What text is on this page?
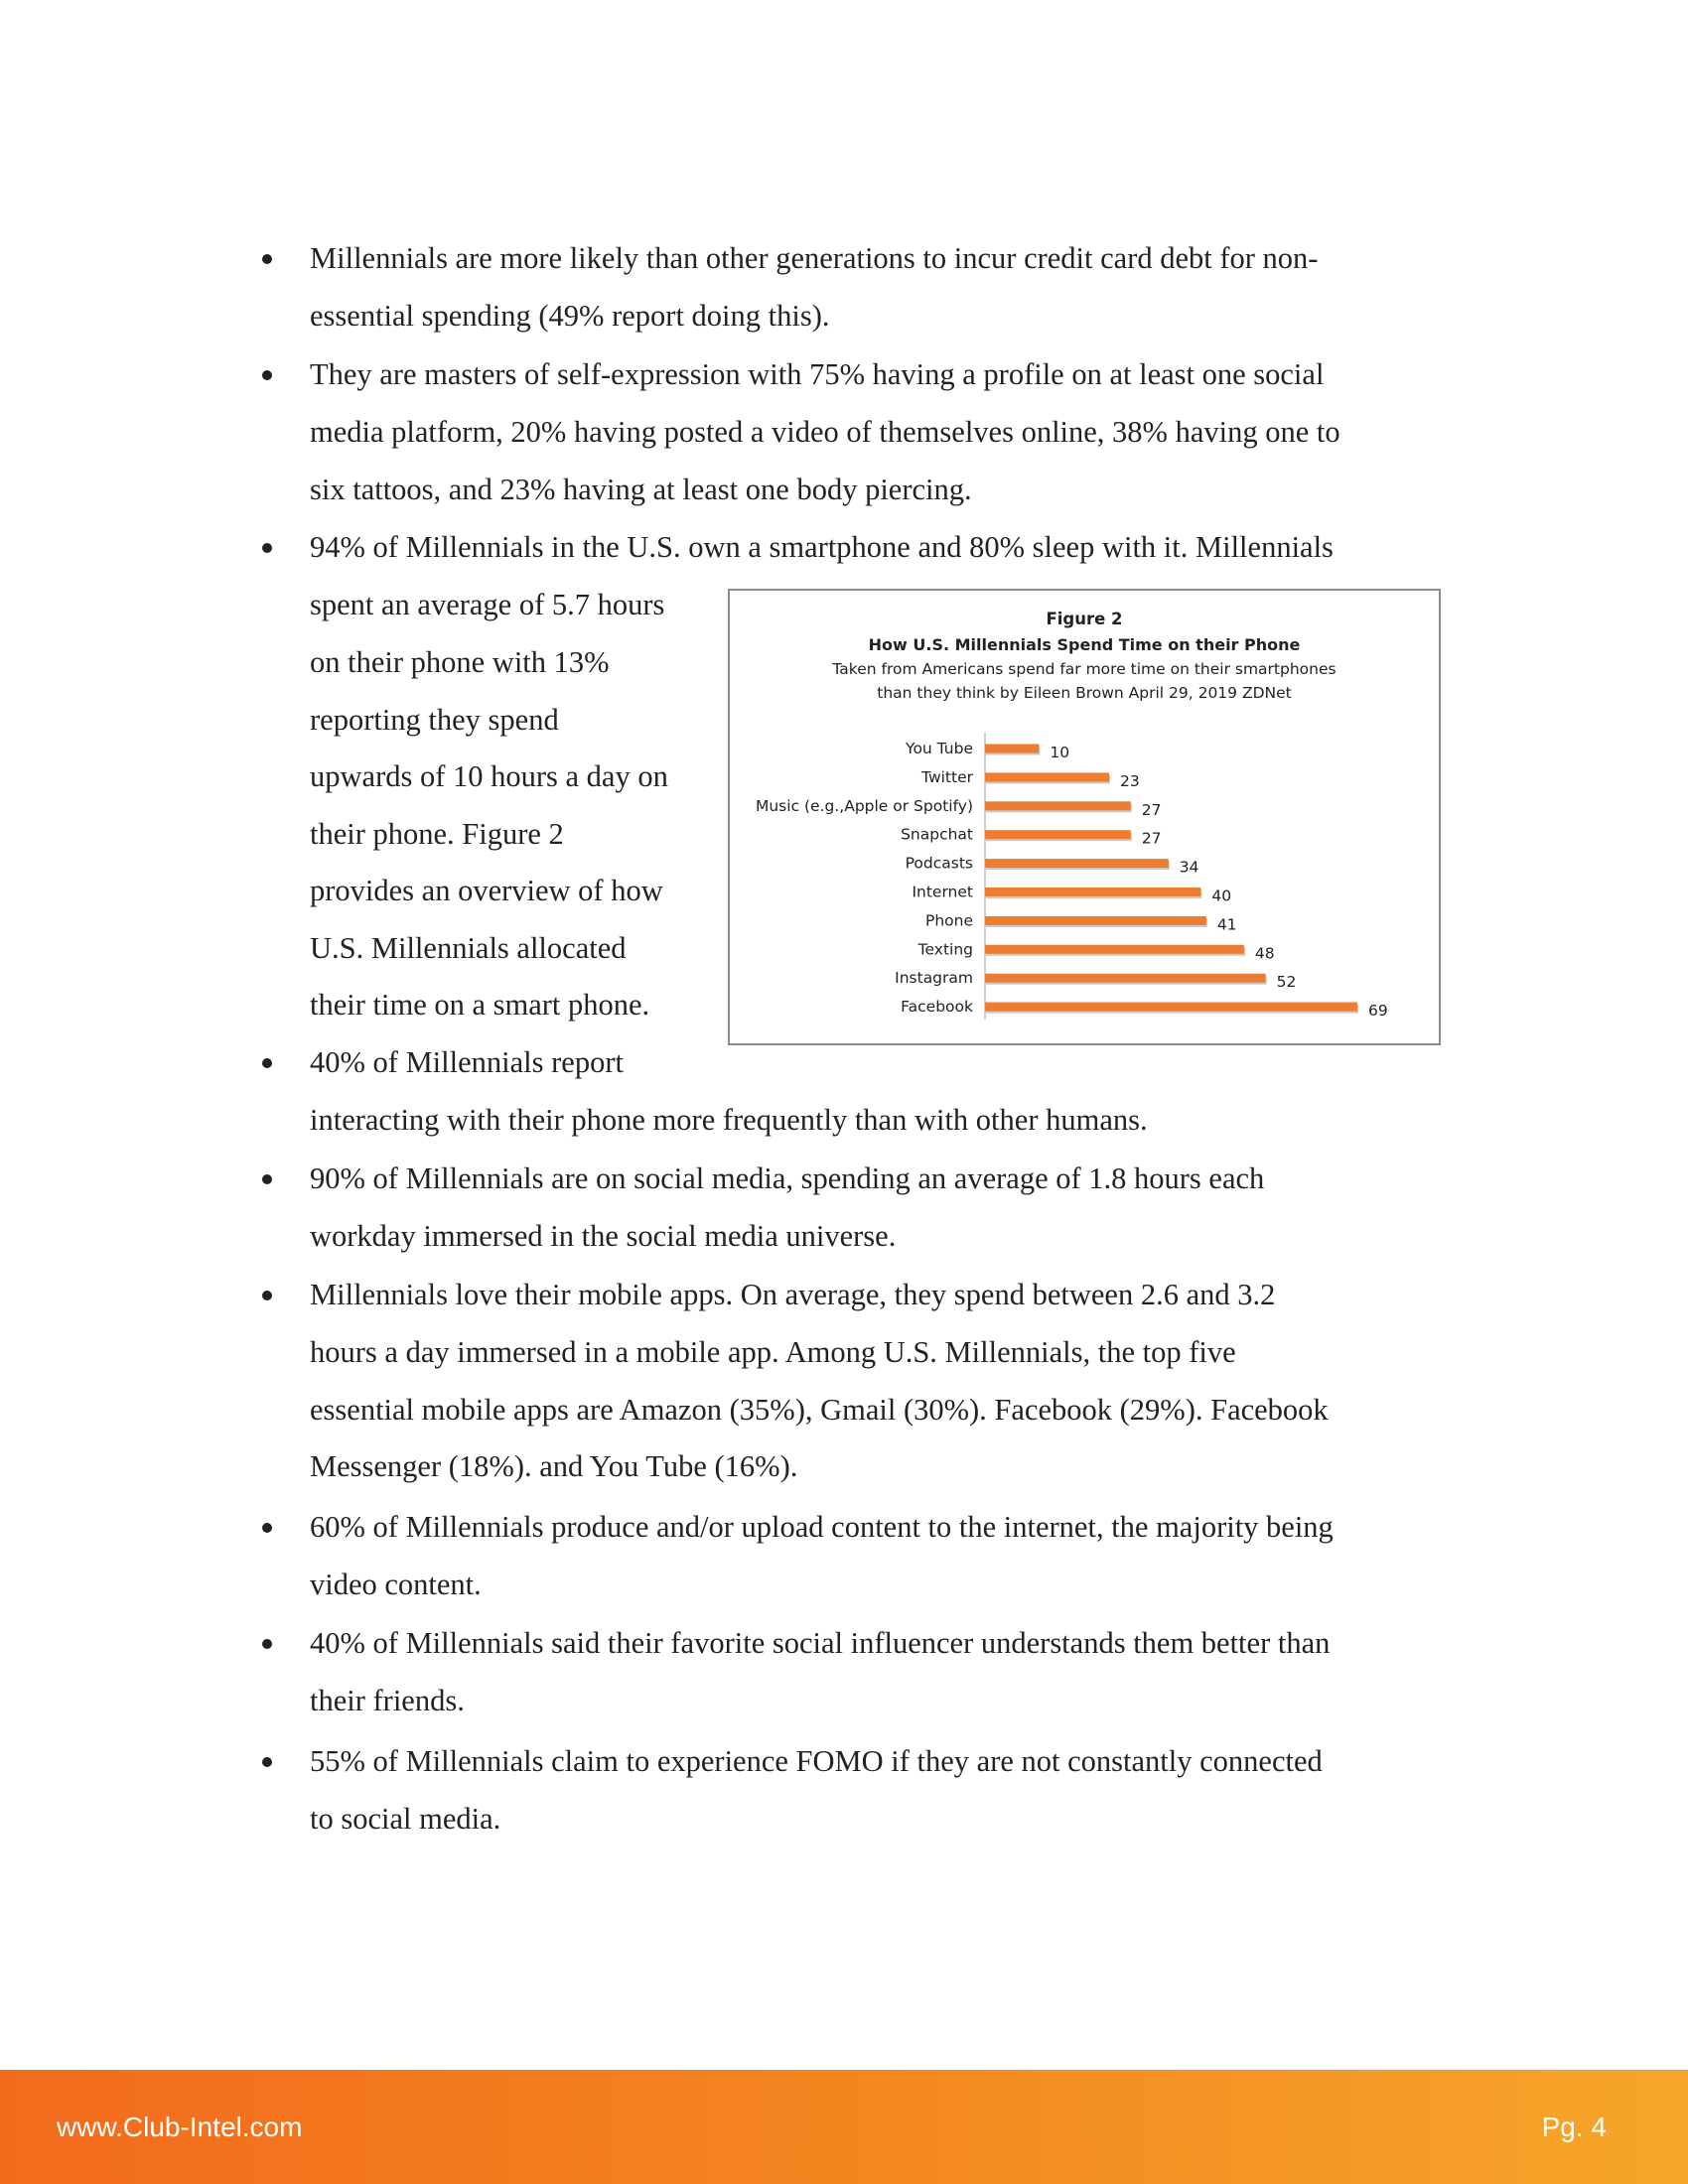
Millennials are more likely than other generations to incur credit card debt for non-
essential spending (49% report doing this).
They are masters of self-expression with 75% having a profile on at least one social
media platform, 20% having posted a video of themselves online, 38% having one to
six tattoos, and 23% having at least one body piercing.
94% of Millennials in the U.S. own a smartphone and 80% sleep with it. Millennials
spent an average of 5.7 hours
on their phone with 13%
reporting they spend
upwards of 10 hours a day on
their phone. Figure 2
provides an overview of how
U.S. Millennials allocated
their time on a smart phone.
40% of Millennials report
interacting with their phone more frequently than with other humans.
90% of Millennials are on social media, spending an average of 1.8 hours each
workday immersed in the social media universe.
Millennials love their mobile apps. On average, they spend between 2.6 and 3.2
hours a day immersed in a mobile app. Among U.S. Millennials, the top five
essential mobile apps are Amazon (35%), Gmail (30%). Facebook (29%). Facebook
Messenger (18%). and You Tube (16%).
60% of Millennials produce and/or upload content to the internet, the majority being
video content.
40% of Millennials said their favorite social influencer understands them better than
their friends.
55% of Millennials claim to experience FOMO if they are not constantly connected
to social media.
Figure 2
How U.S. Millennials Spend Time on their Phone
Taken from Americans spend far more time on their smartphones
than they think by Eileen Brown April 29, 2019 ZDNet
You Tube	10
Twitter	23
Music (e.g.,Apple or Spotify)	27
Snapchat	27
Podcasts	34
Internet	40
Phone	41
Texting	48
Instagram	52
Facebook	69
www.Club-Intel.com	Pg. 4
